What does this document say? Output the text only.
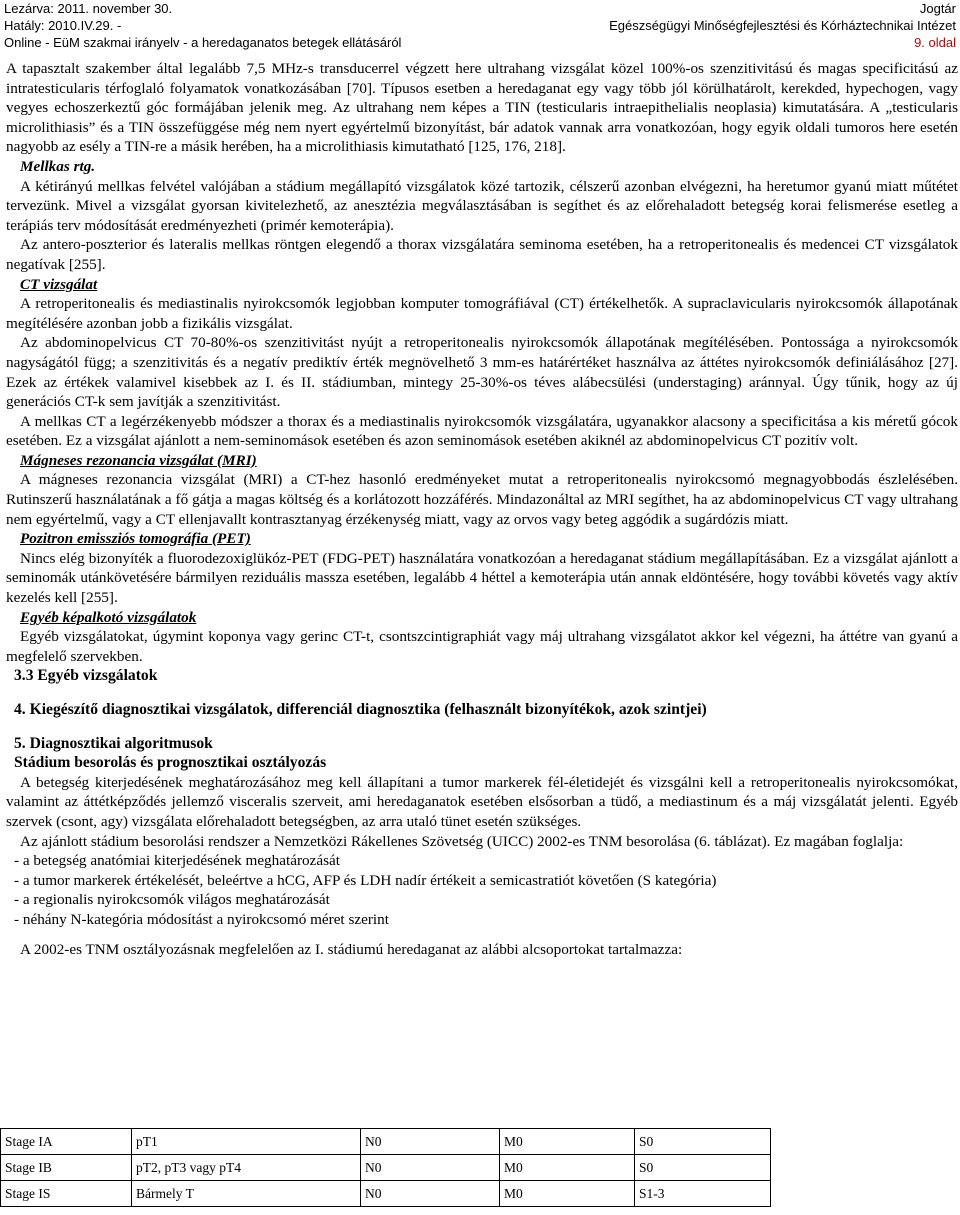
Lezárva: 2011. november 30.
Hatály: 2010.IV.29. -
Online - EüM szakmai irányelv - a heredaganatos betegek ellátásáról
Jogtár
Egészségügyi Minőségfejlesztési és Kórháztechnikai Intézet
9. oldal

A tapasztalt szakember által legalább 7,5 MHz-s transducerrel végzett here ultrahang vizsgálat közel 100%-os szenzitivitású és magas specificitású az intratesticularis térfoglaló folyamatok vonatkozásában [70]. Típusos esetben a heredaganat egy vagy több jól körülhatárolt, kerekded, hypechogen, vagy vegyes echoszerkeztű góc formájában jelenik meg. Az ultrahang nem képes a TIN (testicularis intraepithelialis neoplasia) kimutatására. A „testicularis microlithiasis” és a TIN összefüggése még nem nyert egyértelmű bizonyítást, bár adatok vannak arra vonatkozóan, hogy egyik oldali tumoros here esetén nagyobb az esély a TIN-re a másik herében, ha a microlithiasis kimutatható [125, 176, 218].

Mellkas rtg.

A kétirányú mellkas felvétel valójában a stádium megállapító vizsgálatok közé tartozik, célszerű azonban elvégezni, ha heretumor gyanú miatt műtétet tervezünk. Mivel a vizsgálat gyorsan kivitelezhető, az anesztézia megválasztásában is segíthet és az előrehaladott betegség korai felismerése esetleg a terápiás terv módosítását eredményezheti (primér kemoterápia).

Az antero-poszterior és lateralis mellkas röntgen elegendő a thorax vizsgálatára seminoma esetében, ha a retroperitonealis és medencei CT vizsgálatok negatívak [255].

CT vizsgálat

A retroperitonealis és mediastinalis nyirokcsomók legjobban komputer tomográfiával (CT) értékelhetők. A supraclavicularis nyirokcsomók állapotának megítélésére azonban jobb a fizikális vizsgálat.

Az abdominopelvicus CT 70-80%-os szenzitivitást nyújt a retroperitonealis nyirokcsomók állapotának megítélésében. Pontossága a nyirokcsomók nagyságától függ; a szenzitivitás és a negatív prediktív érték megnövelhető 3 mm-es határértéket használva az áttétes nyirokcsomók definiálásához [27]. Ezek az értékek valamivel kisebbek az I. és II. stádiumban, mintegy 25-30%-os téves alábecsülési (understaging) aránnyal. Úgy tűnik, hogy az új generációs CT-k sem javítják a szenzitivitást.

A mellkas CT a legérzékenyebb módszer a thorax és a mediastinalis nyirokcsomók vizsgálatára, ugyanakkor alacsony a specificitása a kis méretű gócok esetében. Ez a vizsgálat ajánlott a nem-seminomások esetében és azon seminomások esetében akiknél az abdominopelvicus CT pozitív volt.

Mágneses rezonancia vizsgálat (MRI)

A mágneses rezonancia vizsgálat (MRI) a CT-hez hasonló eredményeket mutat a retroperitonealis nyirokcsomó megnagyobbodás észlelésében. Rutinszerű használatának a fő gátja a magas költség és a korlátozott hozzáférés. Mindazonáltal az MRI segíthet, ha az abdominopelvicus CT vagy ultrahang nem egyértelmű, vagy a CT ellenjavallt kontrasztanyag érzékenység miatt, vagy az orvos vagy beteg aggódik a sugárdózis miatt.

Pozitron emissziós tomográfia (PET)

Nincs elég bizonyíték a fluorodezoxiglükóz-PET (FDG-PET) használatára vonatkozóan a heredaganat stádium megállapításában. Ez a vizsgálat ajánlott a seminomák utánkövetésére bármilyen reziduális massza esetében, legalább 4 héttel a kemoterápia után annak eldöntésére, hogy további követés vagy aktív kezelés kell [255].

Egyéb képalkotó vizsgálatok

Egyéb vizsgálatokat, úgymint koponya vagy gerinc CT-t, csontszcintigraphiát vagy máj ultrahang vizsgálatot akkor kel végezni, ha áttétre van gyanú a megfelelő szervekben.

3.3 Egyéb vizsgálatok
4. Kiegészítő diagnosztikai vizsgálatok, differenciál diagnosztika (felhasznált bizonyítékok, azok szintjei)
5. Diagnosztikai algoritmusok
Stádium besorolás és prognosztikai osztályozás

A betegség kiterjedésének meghatározásához meg kell állapítani a tumor markerek fél-életidejét és vizsgálni kell a retroperitonealis nyirokcsomókat, valamint az áttétképződés jellemző visceralis szerveit, ami heredaganatok esetében elsősorban a tüdő, a mediastinum és a máj vizsgálatát jelenti. Egyéb szervek (csont, agy) vizsgálata előrehaladott betegségben, az arra utaló tünet esetén szükséges.

Az ajánlott stádium besorolási rendszer a Nemzetközi Rákellenes Szövetség (UICC) 2002-es TNM besorolása (6. táblázat). Ez magában foglalja:

- a betegség anatómiai kiterjedésének meghatározását
- a tumor markerek értékelését, beleértve a hCG, AFP és LDH nadír értékeit a semicastratiót követően (S kategória)
- a regionalis nyirokcsomók világos meghatározását
- néhány N-kategória módosítást a nyirokcsomó méret szerint

A 2002-es TNM osztályozásnak megfelelően az I. stádiumú heredaganat az alábbi alcsoportokat tartalmazza:

Stage IA	pT1	N0	M0	S0
Stage IB	pT2, pT3 vagy pT4	N0	M0	S0
Stage IS	Bármely T	N0	M0	S1-3
